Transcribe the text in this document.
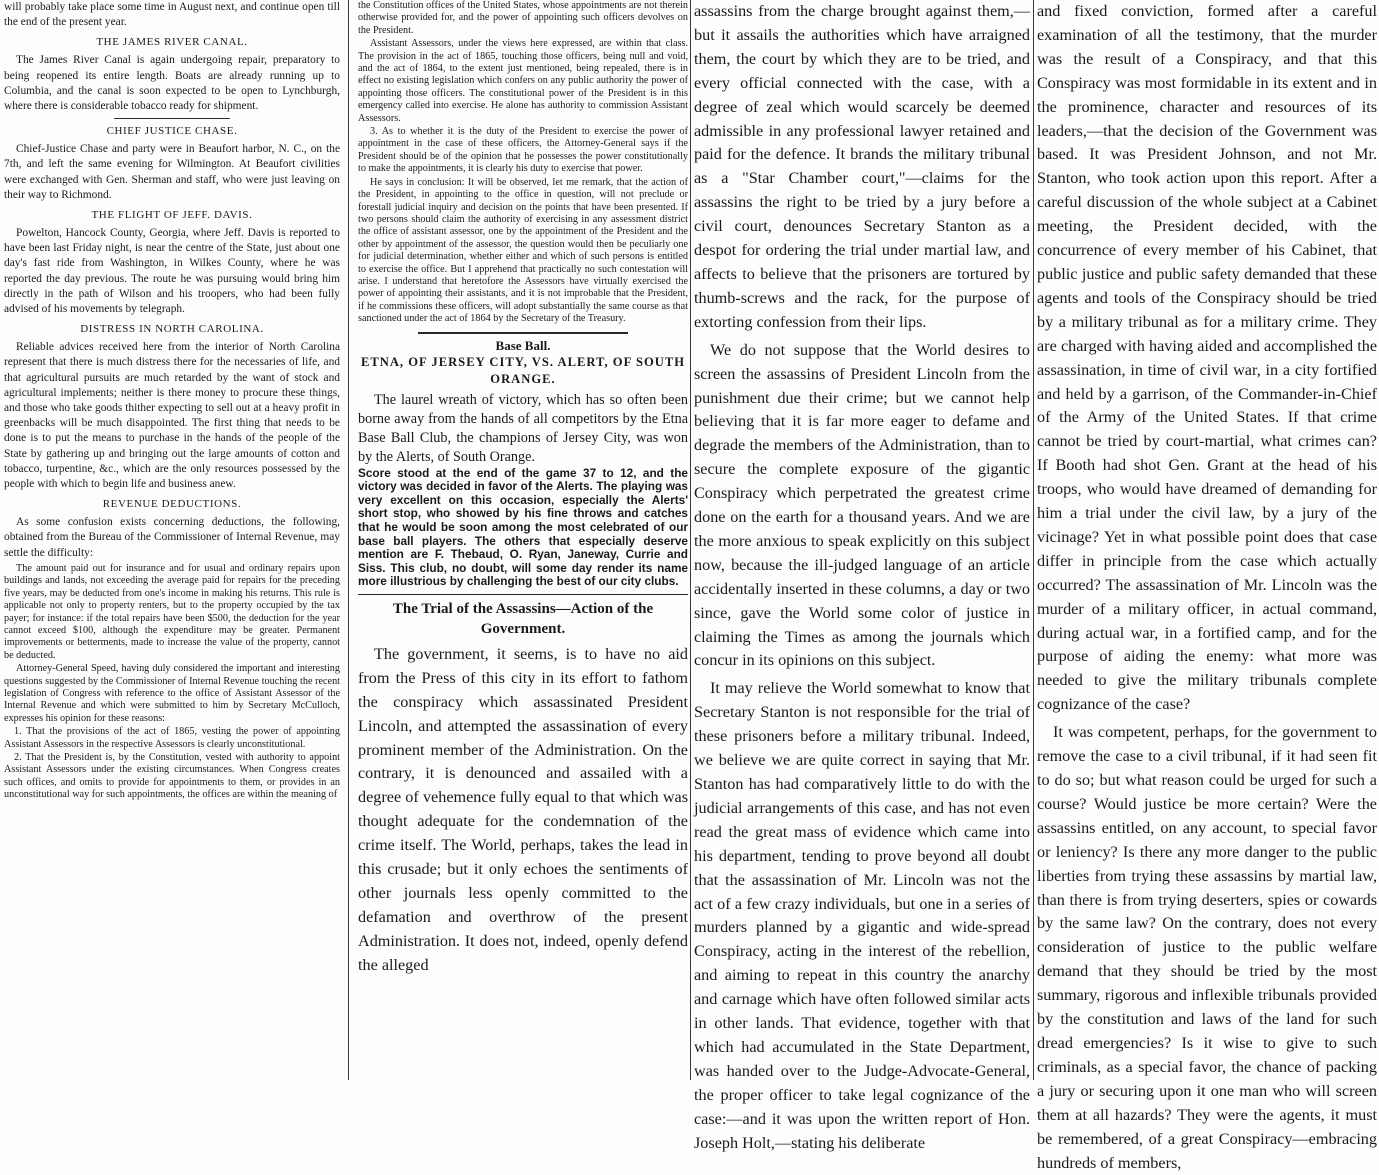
will probably take place some time in August next, and continue open till the end of the present year.

THE JAMES RIVER CANAL.

The James River Canal is again undergoing repair, preparatory to being reopened its entire length. Boats are already running up to Columbia, and the canal is soon expected to be open to Lynchburgh, where there is considerable tobacco ready for shipment.

CHIEF JUSTICE CHASE.

Chief-Justice Chase and party were in Beaufort harbor, N. C., on the 7th, and left the same evening for Wilmington. At Beaufort civilities were exchanged with Gen. Sherman and staff, who were just leaving on their way to Richmond.

THE FLIGHT OF JEFF. DAVIS.

Powelton, Hancock County, Georgia, where Jeff. Davis is reported to have been last Friday night, is near the centre of the State, just about one day's fast ride from Washington, in Wilkes County, where he was reported the day previous. The route he was pursuing would bring him directly in the path of Wilson and his troopers, who had been fully advised of his movements by telegraph.

DISTRESS IN NORTH CAROLINA.

Reliable advices received here from the interior of North Carolina represent that there is much distress there for the necessaries of life, and that agricultural pursuits are much retarded by the want of stock and agricultural implements; neither is there money to procure these things, and those who take goods thither expecting to sell out at a heavy profit in greenbacks will be much disappointed. The first thing that needs to be done is to put the means to purchase in the hands of the people of the State by gathering up and bringing out the large amounts of cotton and tobacco, turpentine, &c., which are the only resources possessed by the people with which to begin life and business anew.

REVENUE DEDUCTIONS.

As some confusion exists concerning deductions, the following, obtained from the Bureau of the Commissioner of Internal Revenue, may settle the difficulty:

The amount paid out for insurance and for usual and ordinary repairs upon buildings and lands, not exceeding the average paid for repairs for the preceding five years, may be deducted from one's income in making his returns. This rule is applicable not only to property renters, but to the property occupied by the tax payer; for instance: if the total repairs have been $500, the deduction for the year cannot exceed $100, although the expenditure may be greater. Permanent improvements or betterments, made to increase the value of the property, cannot be deducted.

Attorney-General Speed, having duly considered the important and interesting questions suggested by the Commissioner of Internal Revenue touching the recent legislation of Congress with reference to the office of Assistant Assessor of the Internal Revenue and which were submitted to him by Secretary McCulloch, expresses his opinion for these reasons:

1. That the provisions of the act of 1865, vesting the power of appointing Assistant Assessors in the respective Assessors is clearly unconstitutional.

2. That the President is, by the Constitution, vested with authority to appoint Assistant Assessors under the existing circumstances. When Congress creates such offices, and omits to provide for appointments to them, or provides in an unconstitutional way for such appointments, the offices are within the meaning of

the Constitution offices of the United States, whose appointments are not therein otherwise provided for, and the power of appointing such officers devolves on the President.

Assistant Assessors, under the views here expressed, are within that class. The provision in the act of 1865, touching those officers, being null and void, and the act of 1864, to the extent just mentioned, being repealed, there is in effect no existing legislation which confers on any public authority the power of appointing those officers. The constitutional power of the President is in this emergency called into exercise. He alone has authority to commission Assistant Assessors.

3. As to whether it is the duty of the President to exercise the power of appointment in the case of these officers, the Attorney-General says if the President should be of the opinion that he possesses the power constitutionally to make the appointments, it is clearly his duty to exercise that power.

He says in conclusion: It will be observed, let me remark, that the action of the President, in appointing to the office in question, will not preclude or forestall judicial inquiry and decision on the points that have been presented. If two persons should claim the authority of exercising in any assessment district the office of assistant assessor, one by the appointment of the President and the other by appointment of the assessor, the question would then be peculiarly one for judicial determination, whether either and which of such persons is entitled to exercise the office. But I apprehend that practically no such contestation will arise. I understand that heretofore the Assessors have virtually exercised the power of appointing their assistants, and it is not improbable that the President, if he commissions these officers, will adopt substantially the same course as that sanctioned under the act of 1864 by the Secretary of the Treasury.

Base Ball.
ETNA, OF JERSEY CITY, VS. ALERT, OF SOUTH ORANGE.

The laurel wreath of victory, which has so often been borne away from the hands of all competitors by the Etna Base Ball Club, the champions of Jersey City, was won by the Alerts, of South Orange.

Score stood at the end of the game 37 to 12, and the victory was decided in favor of the Alerts. The playing was very excellent on this occasion, especially the Alerts' short stop, who showed by his fine throws and catches that he would be soon among the most celebrated of our base ball players. The others that especially deserve mention are F. Thebaud, O. Ryan, Janeway, Currie and Siss. This club, no doubt, will some day render its name more illustrious by challenging the best of our city clubs.

The Trial of the Assassins—Action of the Government.

The government, it seems, is to have no aid from the Press of this city in its effort to fathom the conspiracy which assassinated President Lincoln, and attempted the assassination of every prominent member of the Administration. On the contrary, it is denounced and assailed with a degree of vehemence fully equal to that which was thought adequate for the condemnation of the crime itself. The World, perhaps, takes the lead in this crusade; but it only echoes the sentiments of other journals less openly committed to the defamation and overthrow of the present Administration. It does not, indeed, openly defend the alleged

assassins from the charge brought against them,—but it assails the authorities which have arraigned them, the court by which they are to be tried, and every official connected with the case, with a degree of zeal which would scarcely be deemed admissible in any professional lawyer retained and paid for the defence. It brands the military tribunal as a "Star Chamber court,"—claims for the assassins the right to be tried by a jury before a civil court, denounces Secretary Stanton as a despot for ordering the trial under martial law, and affects to believe that the prisoners are tortured by thumb-screws and the rack, for the purpose of extorting confession from their lips.

We do not suppose that the World desires to screen the assassins of President Lincoln from the punishment due their crime; but we cannot help believing that it is far more eager to defame and degrade the members of the Administration, than to secure the complete exposure of the gigantic Conspiracy which perpetrated the greatest crime done on the earth for a thousand years. And we are the more anxious to speak explicitly on this subject now, because the ill-judged language of an article accidentally inserted in these columns, a day or two since, gave the World some color of justice in claiming the Times as among the journals which concur in its opinions on this subject.

It may relieve the World somewhat to know that Secretary Stanton is not responsible for the trial of these prisoners before a military tribunal. Indeed, we believe we are quite correct in saying that Mr. Stanton has had comparatively little to do with the judicial arrangements of this case, and has not even read the great mass of evidence which came into his department, tending to prove beyond all doubt that the assassination of Mr. Lincoln was not the act of a few crazy individuals, but one in a series of murders planned by a gigantic and wide-spread Conspiracy, acting in the interest of the rebellion, and aiming to repeat in this country the anarchy and carnage which have often followed similar acts in other lands. That evidence, together with that which had accumulated in the State Department, was handed over to the Judge-Advocate-General, the proper officer to take legal cognizance of the case:—and it was upon the written report of Hon. Joseph Holt,—stating his deliberate

and fixed conviction, formed after a careful examination of all the testimony, that the murder was the result of a Conspiracy, and that this Conspiracy was most formidable in its extent and in the prominence, character and resources of its leaders,—that the decision of the Government was based. It was President Johnson, and not Mr. Stanton, who took action upon this report. After a careful discussion of the whole subject at a Cabinet meeting, the President decided, with the concurrence of every member of his Cabinet, that public justice and public safety demanded that these agents and tools of the Conspiracy should be tried by a military tribunal as for a military crime. They are charged with having aided and accomplished the assassination, in time of civil war, in a city fortified and held by a garrison, of the Commander-in-Chief of the Army of the United States. If that crime cannot be tried by court-martial, what crimes can? If Booth had shot Gen. Grant at the head of his troops, who would have dreamed of demanding for him a trial under the civil law, by a jury of the vicinage? Yet in what possible point does that case differ in principle from the case which actually occurred? The assassination of Mr. Lincoln was the murder of a military officer, in actual command, during actual war, in a fortified camp, and for the purpose of aiding the enemy: what more was needed to give the military tribunals complete cognizance of the case?

It was competent, perhaps, for the government to remove the case to a civil tribunal, if it had seen fit to do so; but what reason could be urged for such a course? Would justice be more certain? Were the assassins entitled, on any account, to special favor or leniency? Is there any more danger to the public liberties from trying these assassins by martial law, than there is from trying deserters, spies or cowards by the same law? On the contrary, does not every consideration of justice to the public welfare demand that they should be tried by the most summary, rigorous and inflexible tribunals provided by the constitution and laws of the land for such dread emergencies? Is it wise to give to such criminals, as a special favor, the chance of packing a jury or securing upon it one man who will screen them at all hazards? They were the agents, it must be remembered, of a great Conspiracy—embracing hundreds of members,
